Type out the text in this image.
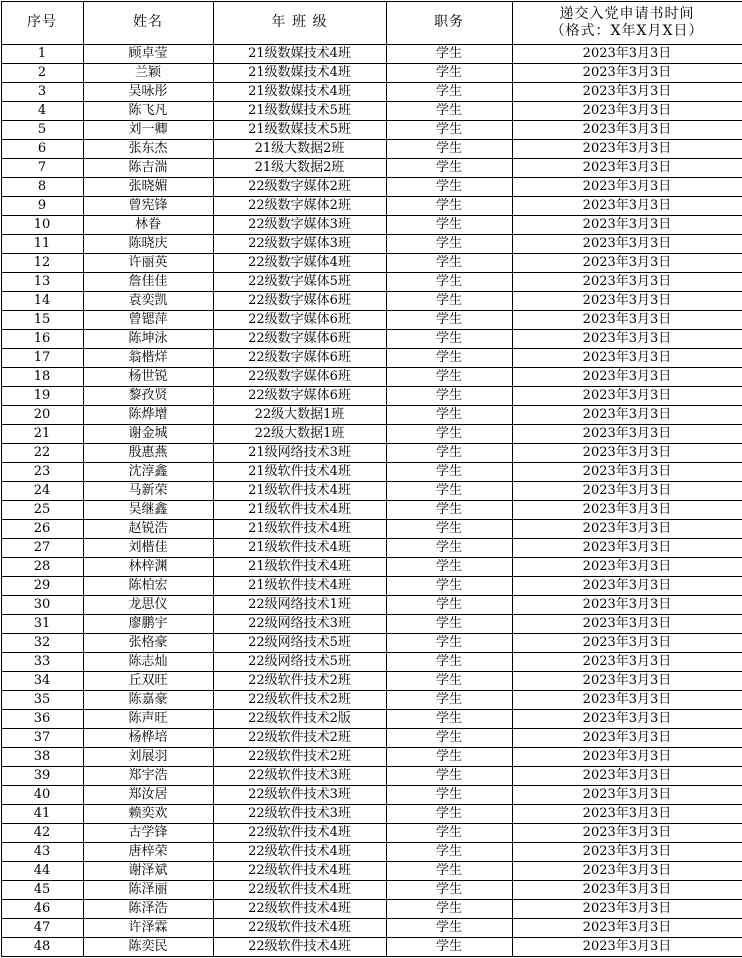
序号	姓名	年 班 级	职务	递交入党申请书时间
（格式：X年X月X日）

1	顾卓莹	21级数媒技术4班	学生	2023年3月3日
2	兰颖	21级数媒技术4班	学生	2023年3月3日
3	吴咏彤	21级数媒技术4班	学生	2023年3月3日
4	陈飞凡	21级数媒技术5班	学生	2023年3月3日
5	刘一卿	21级数媒技术5班	学生	2023年3月3日
6	张东杰	21级大数据2班	学生	2023年3月3日
7	陈吉湍	21级大数据2班	学生	2023年3月3日
8	张晓媚	22级数字媒体2班	学生	2023年3月3日
9	曾宪锋	22级数字媒体2班	学生	2023年3月3日
10	林眷	22级数字媒体3班	学生	2023年3月3日
11	陈晓庆	22级数字媒体3班	学生	2023年3月3日
12	许丽英	22级数字媒体4班	学生	2023年3月3日
13	詹佳佳	22级数字媒体5班	学生	2023年3月3日
14	袁奕凯	22级数字媒体6班	学生	2023年3月3日
15	曾锶萍	22级数字媒体6班	学生	2023年3月3日
16	陈坤泳	22级数字媒体6班	学生	2023年3月3日
17	翁楷烊	22级数字媒体6班	学生	2023年3月3日
18	杨世锐	22级数字媒体6班	学生	2023年3月3日
19	黎孜贤	22级数字媒体6班	学生	2023年3月3日
20	陈烨增	22级大数据1班	学生	2023年3月3日
21	谢金城	22级大数据1班	学生	2023年3月3日
22	殷惠燕	21级网络技术3班	学生	2023年3月3日
23	沈淳鑫	21级软件技术4班	学生	2023年3月3日
24	马新荣	21级软件技术4班	学生	2023年3月3日
25	吴继鑫	21级软件技术4班	学生	2023年3月3日
26	赵锐浩	21级软件技术4班	学生	2023年3月3日
27	刘楷佳	21级软件技术4班	学生	2023年3月3日
28	林梓渊	21级软件技术4班	学生	2023年3月3日
29	陈柏宏	21级软件技术4班	学生	2023年3月3日
30	龙思仪	22级网络技术1班	学生	2023年3月3日
31	廖鹏宇	22级网络技术3班	学生	2023年3月3日
32	张格豪	22级网络技术5班	学生	2023年3月3日
33	陈志灿	22级网络技术5班	学生	2023年3月3日
34	丘双旺	22级软件技术2班	学生	2023年3月3日
35	陈嘉豪	22级软件技术2班	学生	2023年3月3日
36	陈声旺	22级软件技术2版	学生	2023年3月3日
37	杨桦培	22级软件技术2班	学生	2023年3月3日
38	刘展羽	22级软件技术2班	学生	2023年3月3日
39	郑宇浩	22级软件技术3班	学生	2023年3月3日
40	郑汝居	22级软件技术3班	学生	2023年3月3日
41	赖奕欢	22级软件技术3班	学生	2023年3月3日
42	古学锋	22级软件技术4班	学生	2023年3月3日
43	唐梓荣	22级软件技术4班	学生	2023年3月3日
44	谢泽斌	22级软件技术4班	学生	2023年3月3日
45	陈泽丽	22级软件技术4班	学生	2023年3月3日
46	陈泽浩	22级软件技术4班	学生	2023年3月3日
47	许泽霖	22级软件技术4班	学生	2023年3月3日
48	陈奕民	22级软件技术4班	学生	2023年3月3日
